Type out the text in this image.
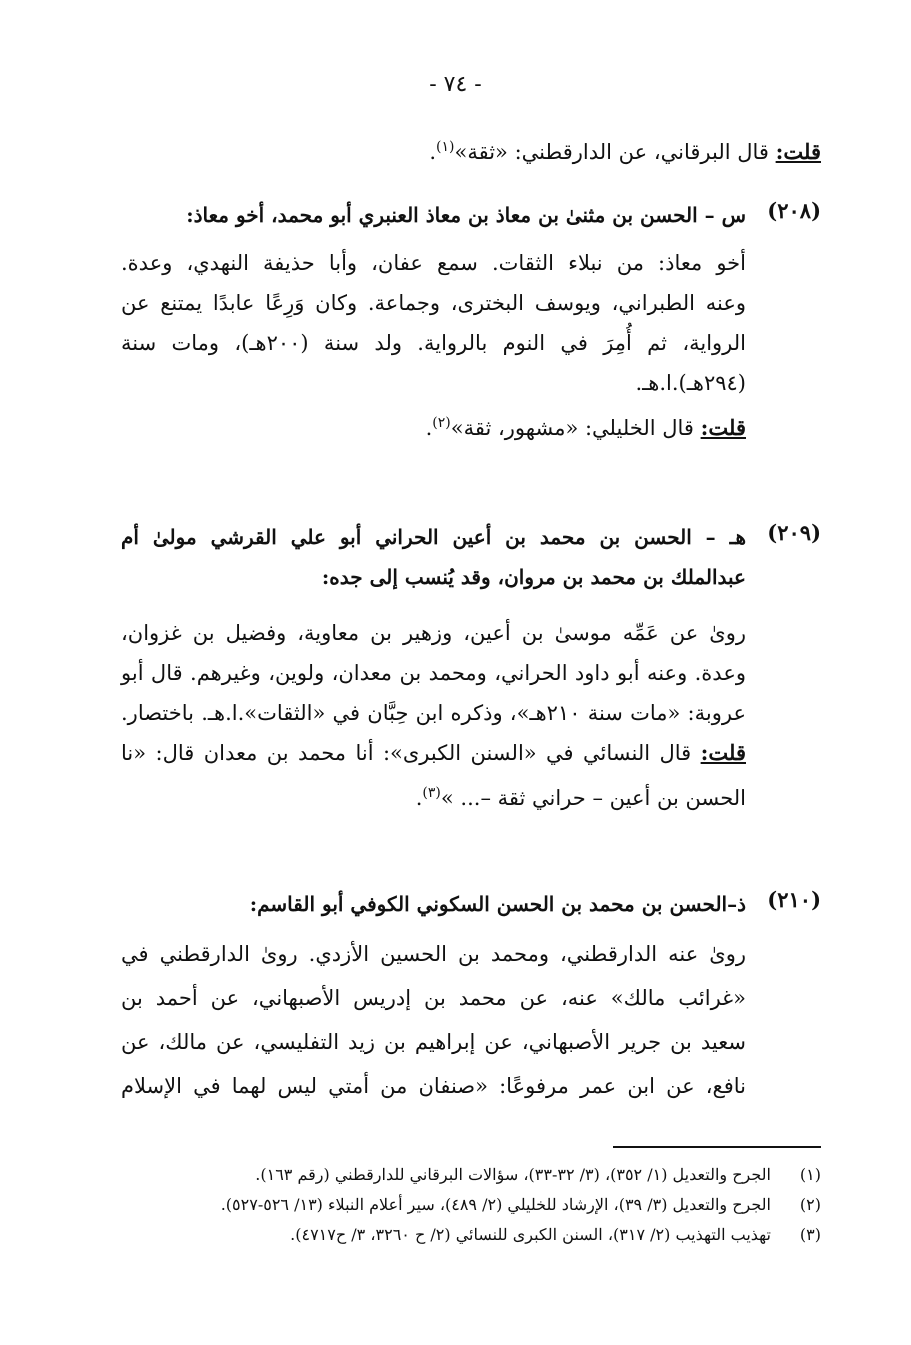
- ٧٤ -
قلت: قال البرقاني، عن الدارقطني: «ثقة»$^{(١)}$.
(٢٠٨)
س – الحسن بن مثنىٰ بن معاذ بن معاذ العنبري أبو محمد، أخو معاذ:
أخو معاذ: من نبلاء الثقات. سمع عفان، وأبا حذيفة النهدي، وعدة.
وعنه الطبراني، ويوسف البخترى، وجماعة. وكان وَرِعًا عابدًا يمتنع عن
الرواية، ثم أُمِرَ في النوم بالرواية. ولد سنة (٢٠٠هـ)، ومات سنة
(٢٩٤هـ).ا.هـ.
قلت: قال الخليلي: «مشهور، ثقة»$^{(٢)}$.
(٢٠٩)
هـ – الحسن بن محمد بن أعين الحراني أبو علي القرشي مولىٰ أم
عبدالملك بن محمد بن مروان، وقد يُنسب إلى جده:
روىٰ عن عَمِّه موسىٰ بن أعين، وزهير بن معاوية، وفضيل بن غزوان،
وعدة. وعنه أبو داود الحراني، ومحمد بن معدان، ولوين، وغيرهم. قال أبو
عروبة: «مات سنة ٢١٠هـ»، وذكره ابن حِبَّان في «الثقات».ا.هـ. باختصار.
قلت: قال النسائي في «السنن الكبرى»: أنا محمد بن معدان قال: «نا
الحسن بن أعين – حراني ثقة –... »$^{(٣)}$.
(٢١٠)
ذ–الحسن بن محمد بن الحسن السكوني الكوفي أبو القاسم:
روىٰ عنه الدارقطني، ومحمد بن الحسين الأزدي. روىٰ الدارقطني في
«غرائب مالك» عنه، عن محمد بن إدريس الأصبهاني، عن أحمد بن
سعيد بن جرير الأصبهاني، عن إبراهيم بن زيد التفليسي، عن مالك، عن
نافع، عن ابن عمر مرفوعًا: «صنفان من أمتي ليس لهما في الإسلام
(١)
الجرح والتعديل (١/ ٣٥٢)، (٣/ ٣٢-٣٣)، سؤالات البرقاني للدارقطني (رقم ١٦٣).
(٢)
الجرح والتعديل (٣/ ٣٩)، الإرشاد للخليلي (٢/ ٤٨٩)، سير أعلام النبلاء (١٣/ ٥٢٦-٥٢٧).
(٣)
تهذيب التهذيب (٢/ ٣١٧)، السنن الكبرى للنسائي (٢/ ح ٣٢٦٠، ٣/ ح٤٧١٧).
